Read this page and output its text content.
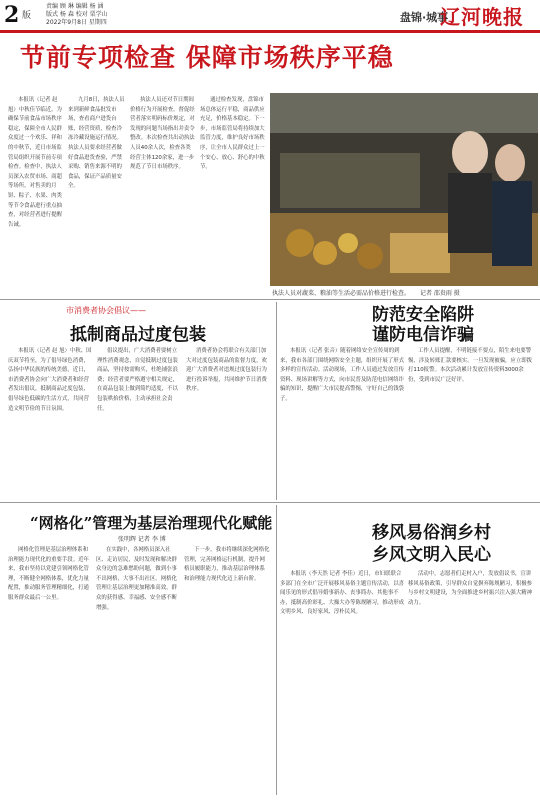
2 版
责编 顾 琳 编辑 杨 涵
版式 杨 森 校对 栗学山
2022年9月8日 星期四	盘锦·城事
辽河晚报
节前专项检查 保障市场秩序平稳
本报讯（记者 赵 旭）中秋佳节临近，为确保节前食品市场秩序稳定，保障全市人民群众度过一个欢乐、祥和的中秋节，近日市场监管局组织开展节前专项检查。检查中，执法人员深入农贸市场、商超等场所，对售卖的月饼、粽子、水果、肉类等节令食品进行重点抽查，对经营者进行提醒告诫。
九月8日，执法人员来到新鲜食品批发市场，查看商户进货台账、经营资质，检查冷冻冷藏设施运行情况。执法人员要求经营者做好食品进货查验，严禁采购、销售来源不明的食品，保证产品质量安全。
执法人员还对节日期间价格行为开展检查，督促经营者落实明码标价规定，对发现的问题当场指出并责令整改。本次检查共出动执法人员40余人次，检查各类经营主体120余家，进一步规范了节日市场秩序。
通过检查发现，盘锦市场总体运行平稳，商品供应充足，价格基本稳定。下一步，市场监管局将持续加大监管力度，维护良好市场秩序，让全市人民群众过上一个安心、放心、舒心的中秋节。
执法人员对蔬菜、粮油等生活必需品价格进行检查。 记者 邵贵雨 摄
市消费者协会倡议——
抵制商品过度包装
本报讯（记者 赵 旭）中秋、国庆双节将至，为了倡导绿色消费，弘扬中华民族的传统美德，近日，市消费者协会向广大消费者和经营者发出倡议，抵制商品过度包装，倡导绿色低碳的生活方式，共同营造文明节俭的节日氛围。
倡议提出，广大消费者要树立理性消费观念，自觉抵制过度包装商品，坚持按需购买，杜绝铺张浪费；经营者要严格遵守相关规定，在商品包装上做到简约适度，不以包装哄抬价格，主动承担社会责任。
消费者协会将联合有关部门加大对过度包装商品的监督力度，欢迎广大消费者对违规过度包装行为进行投诉举报，共同维护节日消费秩序。
防范安全陷阱
谨防电信诈骗
本报讯（记者 张音）随着网络安全宣传周的到来，我市各部门围绕网络安全主题，组织开展了形式多样的宣传活动。活动现场，工作人员通过发放宣传资料、现场讲解等方式，向市民普及防范电信网络诈骗的知识，提醒广大市民提高警惕，守好自己的钱袋子。
工作人员提醒，不明链接不要点，陌生来电要警惕，涉及转账汇款要核实。一旦发现被骗，应立即拨打110报警。本次活动累计发放宣传资料3000余份，受到市民广泛好评。
“网格化”管理为基层治理现代化赋能
张明辉 记者 李 博
网格化管理是基层治理体系和治理能力现代化的重要手段。近年来，我市坚持以党建引领网格化管理，不断健全网格体系，优化力量配置，推动服务管理精细化，打通服务群众最后一公里。
在实践中，各网格员深入社区、走访居民，及时发现和解决群众身边的急难愁盼问题，做到小事不出网格，大事不出社区。网格化管理让基层治理更加精准高效，群众的获得感、幸福感、安全感不断增强。
下一步，我市将继续深化网格化管理，完善网格运行机制，提升网格员履职能力，推动基层治理体系和治理能力现代化迈上新台阶。
移风易俗润乡村
乡风文明入民心
本报讯（李天然 记者 李佳）近日，市妇联联合多部门在全市广泛开展移风易俗主题宣传活动，以喜闻乐见的形式倡导婚事新办、丧事简办、其他事不办，抵制高价彩礼、大操大办等陈规陋习，推动形成文明乡风、良好家风、淳朴民风。
活动中，志愿者们走村入户，发放倡议书，宣讲移风易俗政策，引导群众自觉摒弃陈规陋习，积极参与乡村文明建设，为全面推进乡村振兴注入强大精神动力。
